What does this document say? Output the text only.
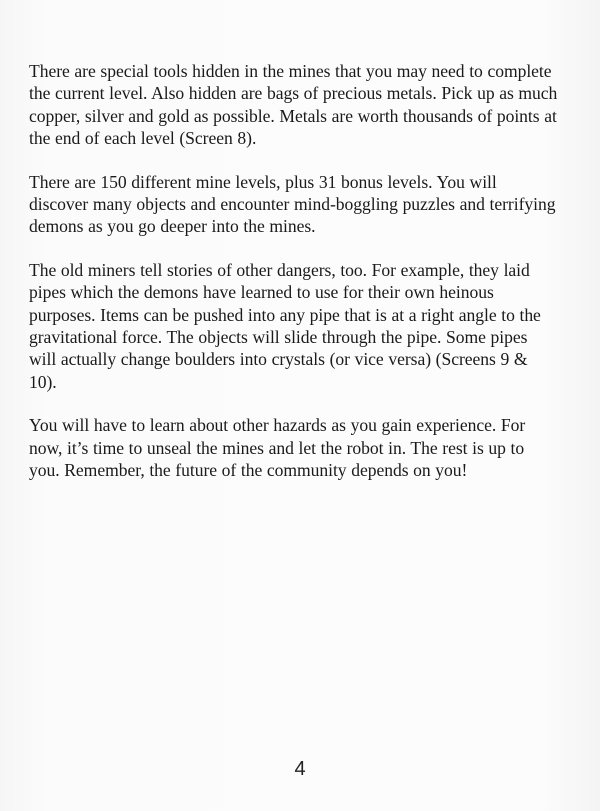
There are special tools hidden in the mines that you may need to complete the current level. Also hidden are bags of precious metals. Pick up as much copper, silver and gold as possible. Metals are worth thousands of points at the end of each level (Screen 8).

There are 150 different mine levels, plus 31 bonus levels. You will discover many objects and encounter mind-boggling puzzles and terrifying demons as you go deeper into the mines.

The old miners tell stories of other dangers, too. For example, they laid pipes which the demons have learned to use for their own heinous purposes. Items can be pushed into any pipe that is at a right angle to the gravitational force. The objects will slide through the pipe. Some pipes will actually change boulders into crystals (or vice versa) (Screens 9 & 10).

You will have to learn about other hazards as you gain experience. For now, it’s time to unseal the mines and let the robot in. The rest is up to you. Remember, the future of the community depends on you!

4
